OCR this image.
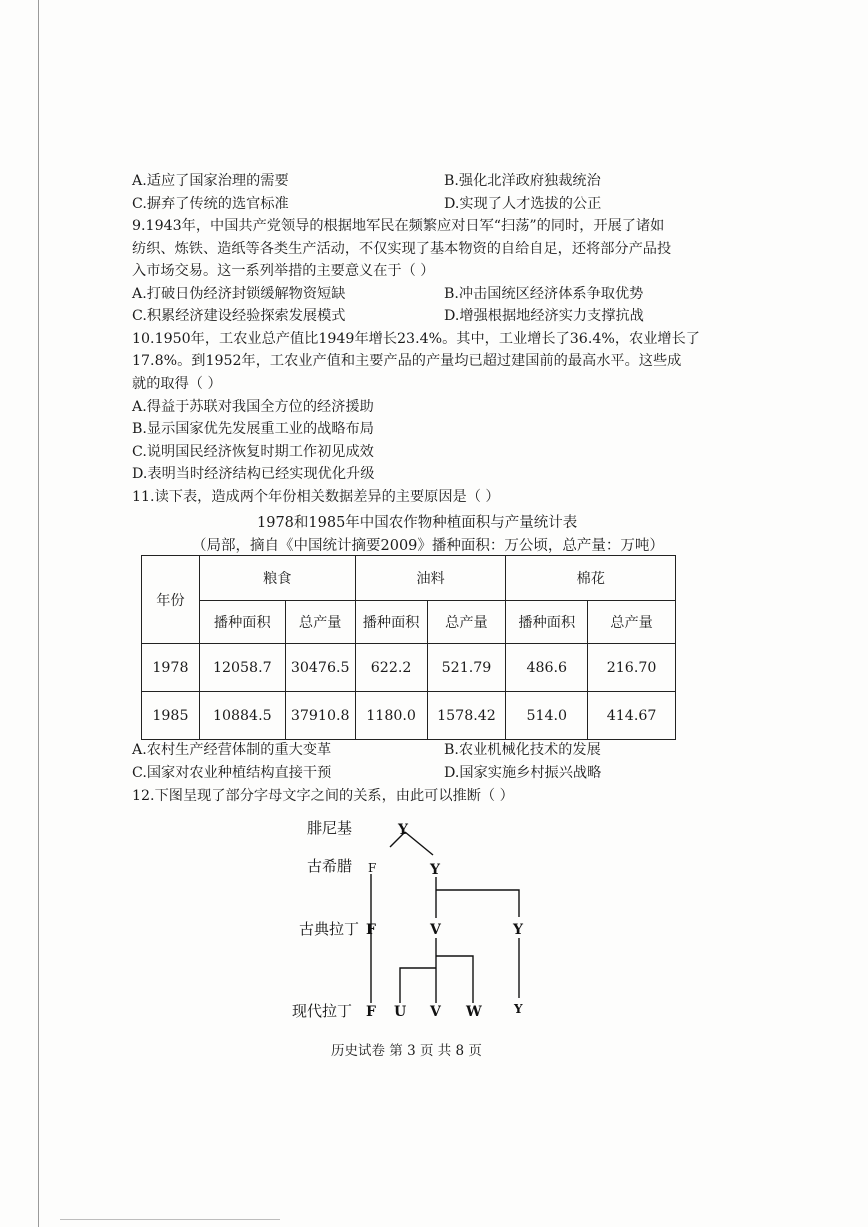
A.适应了国家治理的需要	B.强化北洋政府独裁统治
C.摒弃了传统的选官标准	D.实现了人才选拔的公正
9.1943年，中国共产党领导的根据地军民在频繁应对日军“扫荡”的同时，开展了诸如
纺织、炼铁、造纸等各类生产活动，不仅实现了基本物资的自给自足，还将部分产品投
入市场交易。这一系列举措的主要意义在于（ ）
A.打破日伪经济封锁缓解物资短缺	B.冲击国统区经济体系争取优势
C.积累经济建设经验探索发展模式	D.增强根据地经济实力支撑抗战
10.1950年，工农业总产值比1949年增长23.4%。其中，工业增长了36.4%，农业增长了
17.8%。到1952年，工农业产值和主要产品的产量均已超过建国前的最高水平。这些成
就的取得（ ）
A.得益于苏联对我国全方位的经济援助
B.显示国家优先发展重工业的战略布局
C.说明国民经济恢复时期工作初见成效
D.表明当时经济结构已经实现优化升级
11.读下表，造成两个年份相关数据差异的主要原因是（ ）
1978和1985年中国农作物种植面积与产量统计表
（局部，摘自《中国统计摘要2009》播种面积：万公顷，总产量：万吨）
年份	粮食		油料		棉花	
	播种面积	总产量	播种面积	总产量	播种面积	总产量
1978	12058.7	30476.5	622.2	521.79	486.6	216.70
1985	10884.5	37910.8	1180.0	1578.42	514.0	414.67
A.农村生产经营体制的重大变革	B.农业机械化技术的发展
C.国家对农业种植结构直接干预	D.国家实施乡村振兴战略
12.下图呈现了部分字母文字之间的关系，由此可以推断（ ）
腓尼基
古希腊
古典拉丁
现代拉丁
Y
F	Y
F	V	Y
F U V W	Y
历史试卷 第 3 页 共 8 页
